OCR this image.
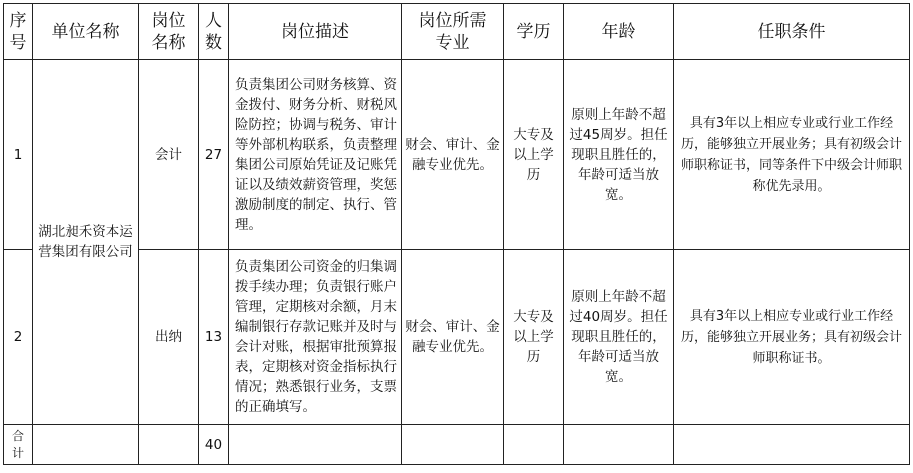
序号	单位名称	岗位名称	人数	岗位描述	岗位所需专业	学历	年龄	任职条件
1	湖北昶禾资本运营集团有限公司	会计	27	负责集团公司财务核算、资金拨付、财务分析、财税风险防控；协调与税务、审计等外部机构联系，负责整理集团公司原始凭证及记账凭证以及绩效薪资管理，奖惩激励制度的制定、执行、管理。	财会、审计、金融专业优先。	大专及以上学历	原则上年龄不超过45周岁。担任现职且胜任的，年龄可适当放宽。	具有3年以上相应专业或行业工作经历，能够独立开展业务；具有初级会计师职称证书，同等条件下中级会计师职称优先录用。
2		出纳	13	负责集团公司资金的归集调拨手续办理；负责银行账户管理，定期核对余额，月末编制银行存款记账并及时与会计对账，根据审批预算报表，定期核对资金指标执行情况；熟悉银行业务，支票的正确填写。	财会、审计、金融专业优先。	大专及以上学历	原则上年龄不超过40周岁。担任现职且胜任的，年龄可适当放宽。	具有3年以上相应专业或行业工作经历，能够独立开展业务；具有初级会计师职称证书。

合计			40					
